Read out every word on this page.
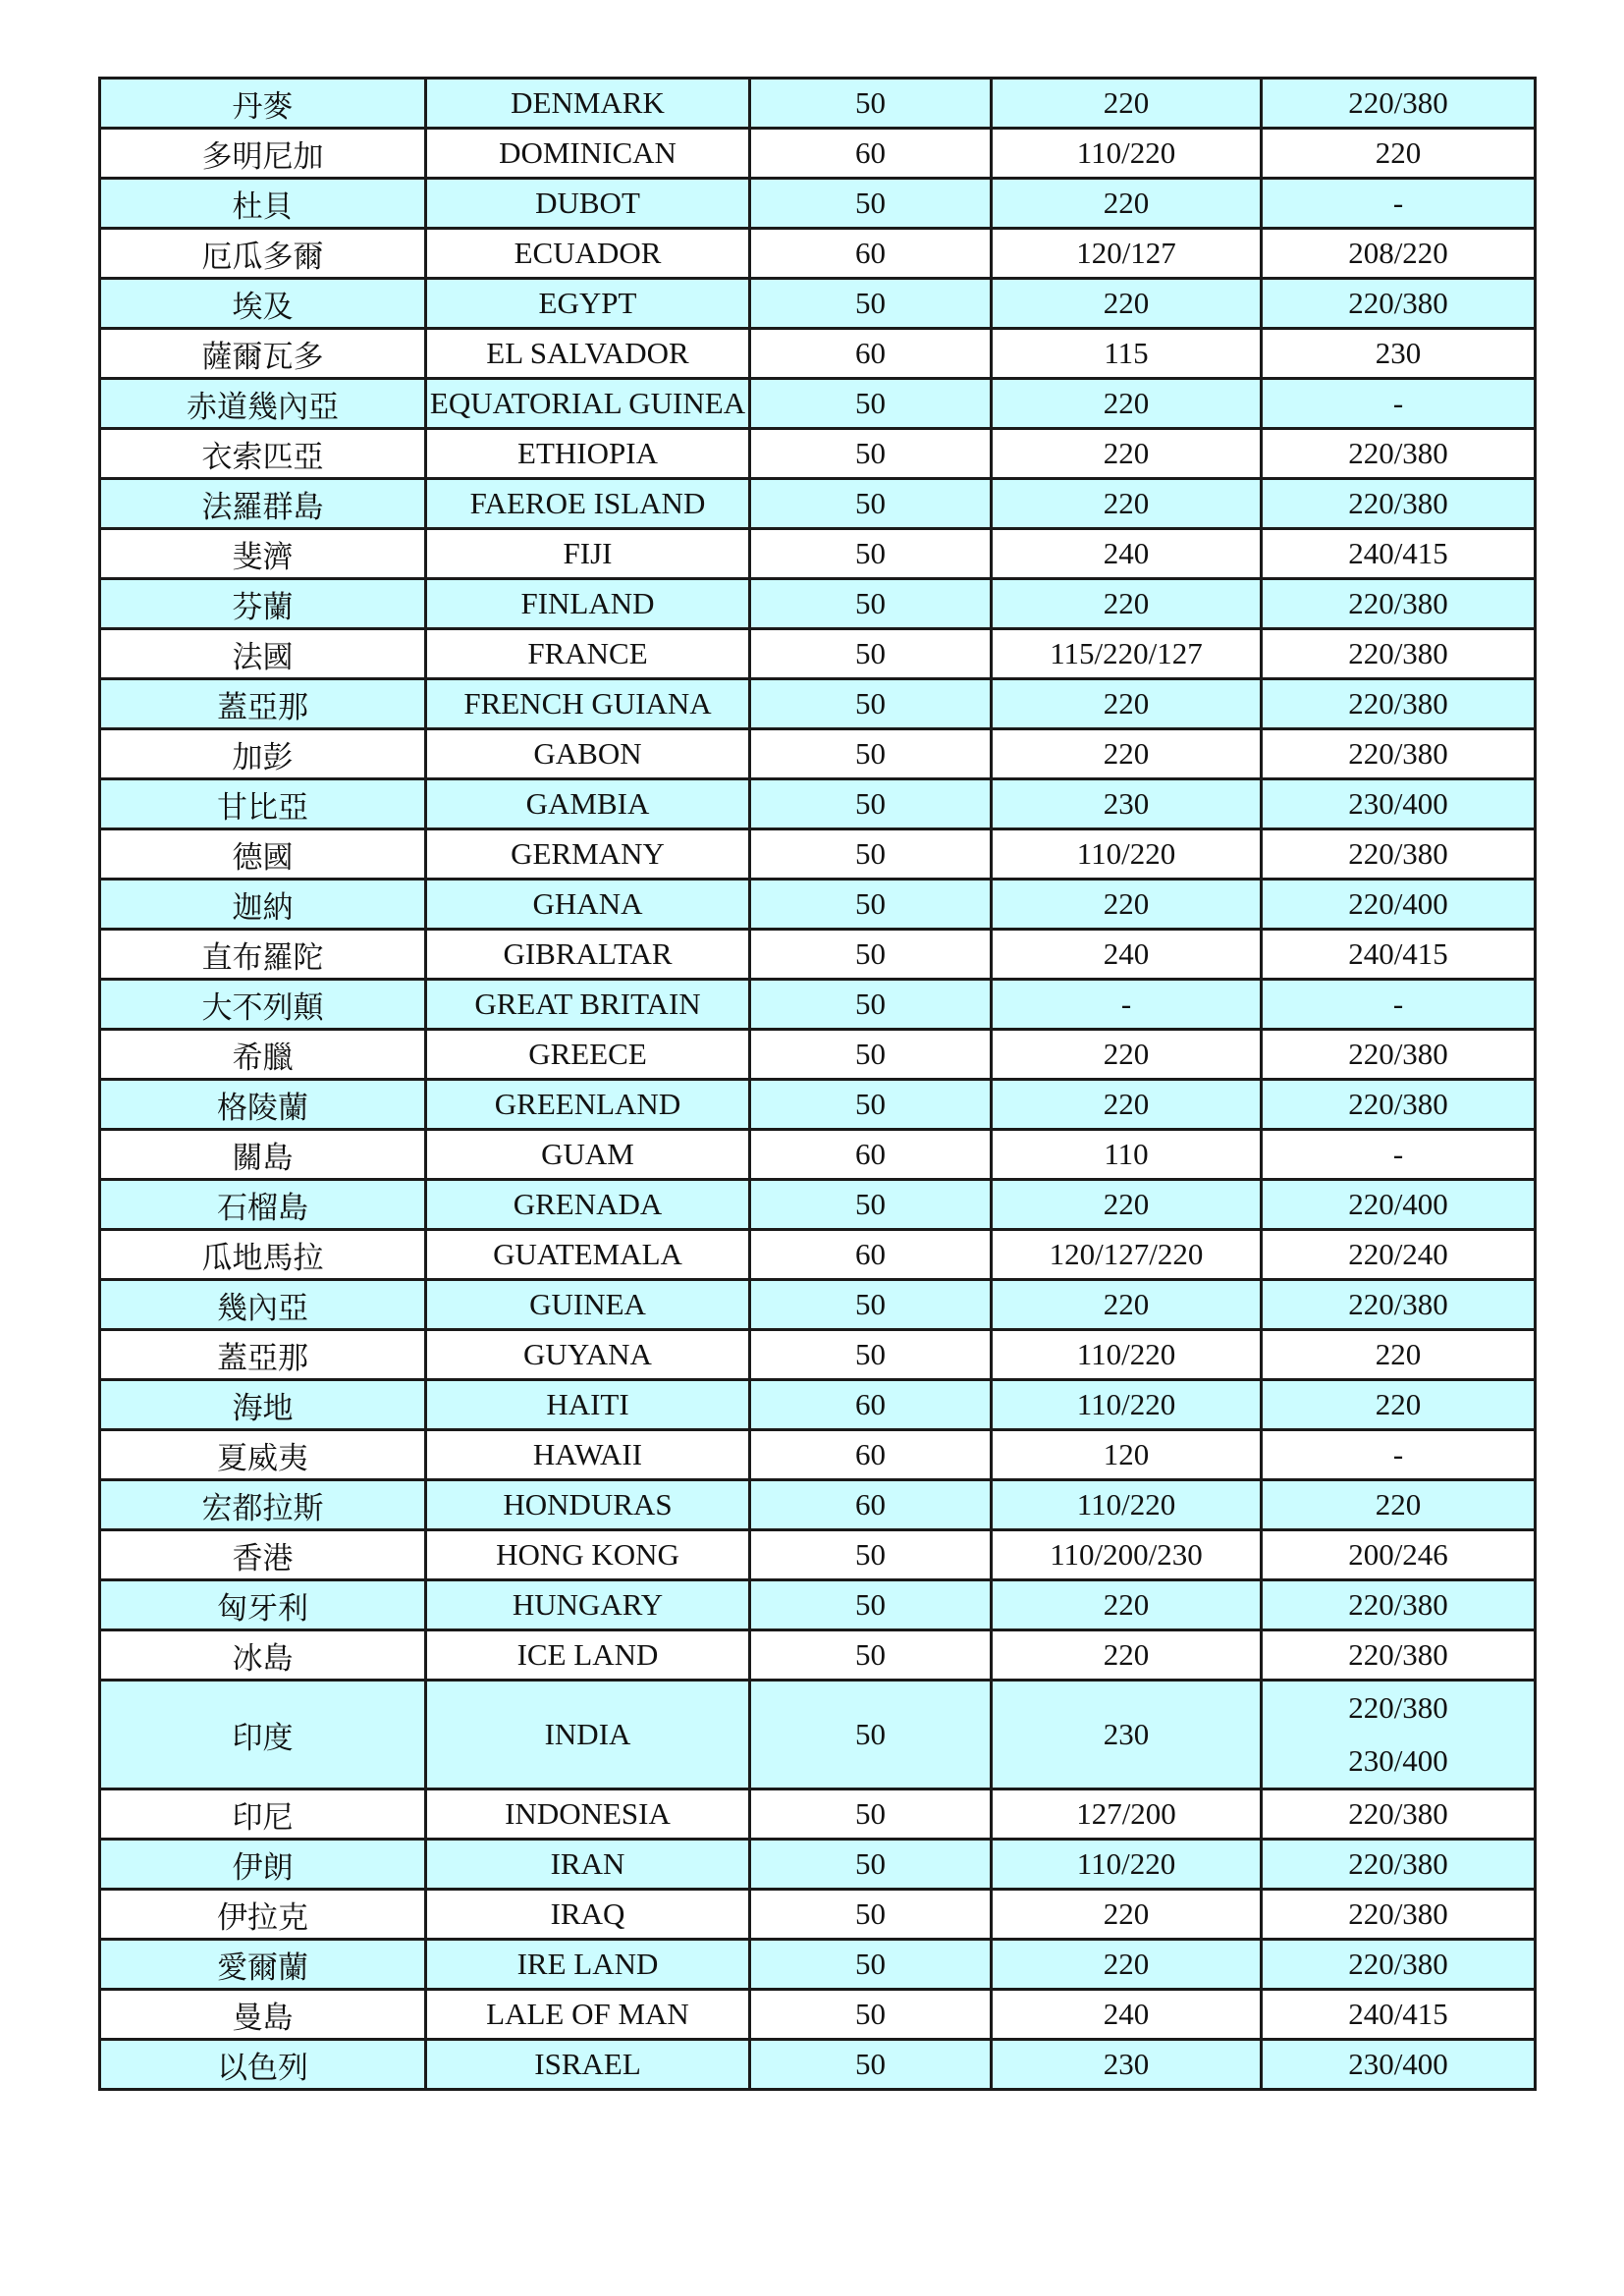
丹麥	DENMARK	50	220	220/380
多明尼加	DOMINICAN	60	110/220	220
杜貝	DUBOT	50	220	-
厄瓜多爾	ECUADOR	60	120/127	208/220
埃及	EGYPT	50	220	220/380
薩爾瓦多	EL SALVADOR	60	115	230
赤道幾內亞	EQUATORIAL GUINEA	50	220	-
衣索匹亞	ETHIOPIA	50	220	220/380
法羅群島	FAEROE ISLAND	50	220	220/380
斐濟	FIJI	50	240	240/415
芬蘭	FINLAND	50	220	220/380
法國	FRANCE	50	115/220/127	220/380
蓋亞那	FRENCH GUIANA	50	220	220/380
加彭	GABON	50	220	220/380
甘比亞	GAMBIA	50	230	230/400
德國	GERMANY	50	110/220	220/380
迦納	GHANA	50	220	220/400
直布羅陀	GIBRALTAR	50	240	240/415
大不列顛	GREAT BRITAIN	50	-	-
希臘	GREECE	50	220	220/380
格陵蘭	GREENLAND	50	220	220/380
關島	GUAM	60	110	-
石榴島	GRENADA	50	220	220/400
瓜地馬拉	GUATEMALA	60	120/127/220	220/240
幾內亞	GUINEA	50	220	220/380
蓋亞那	GUYANA	50	110/220	220
海地	HAITI	60	110/220	220
夏威夷	HAWAII	60	120	-
宏都拉斯	HONDURAS	60	110/220	220
香港	HONG KONG	50	110/200/230	200/246
匈牙利	HUNGARY	50	220	220/380
冰島	ICE LAND	50	220	220/380
印度	INDIA	50	230	220/380
230/400

印尼	INDONESIA	50	127/200	220/380
伊朗	IRAN	50	110/220	220/380
伊拉克	IRAQ	50	220	220/380
愛爾蘭	IRE LAND	50	220	220/380
曼島	LALE OF MAN	50	240	240/415
以色列	ISRAEL	50	230	230/400
